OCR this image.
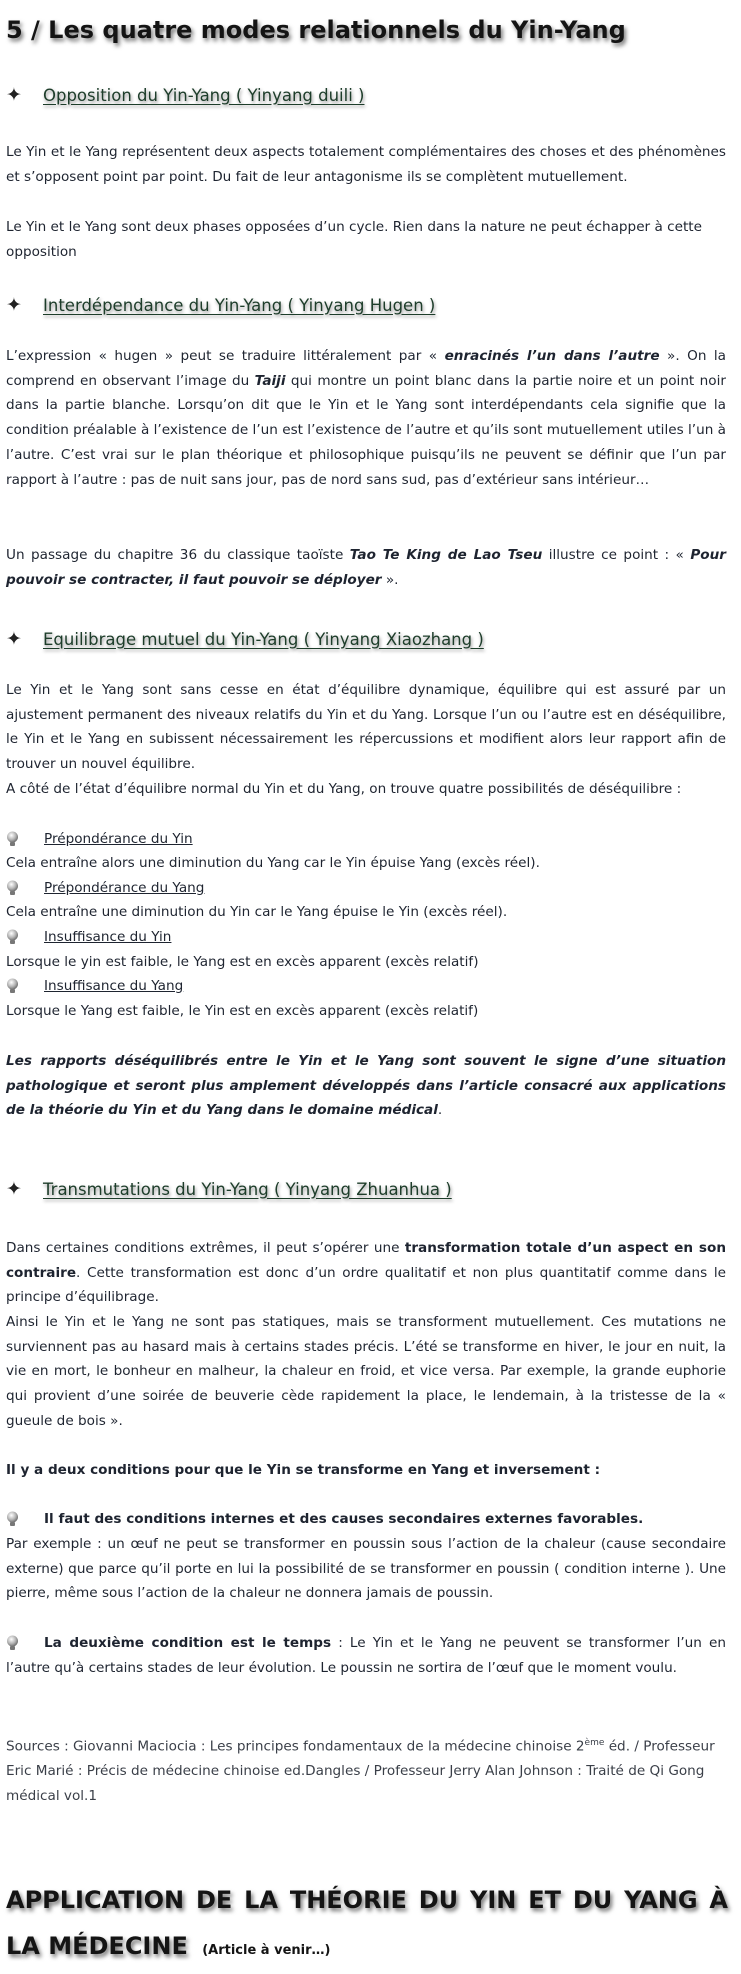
5 / Les quatre modes relationnels du Yin-Yang
✦	Opposition du Yin-Yang ( Yinyang duili )

Le Yin et le Yang représentent deux aspects totalement complémentaires des choses et des phénomènes et s’opposent point par point. Du fait de leur antagonisme ils se complètent mutuellement.

Le Yin et le Yang sont deux phases opposées d’un cycle. Rien dans la nature ne peut échapper à cette opposition

✦	Interdépendance du Yin-Yang ( Yinyang Hugen )

L’expression « hugen » peut se traduire littéralement par « enracinés l’un dans l’autre ». On la comprend en observant l’image du Taiji qui montre un point blanc dans la partie noire et un point noir dans la partie blanche. Lorsqu’on dit que le Yin et le Yang sont interdépendants cela signifie que la condition préalable à l’existence de l’un est l’existence de l’autre et qu’ils sont mutuellement utiles l’un à l’autre. C’est vrai sur le plan théorique et philosophique puisqu’ils ne peuvent se définir que l’un par rapport à l’autre : pas de nuit sans jour, pas de nord sans sud, pas d’extérieur sans intérieur…

Un passage du chapitre 36 du classique taoïste Tao Te King de Lao Tseu illustre ce point : « Pour pouvoir se contracter, il faut pouvoir se déployer ».

✦	Equilibrage mutuel du Yin-Yang ( Yinyang Xiaozhang )

Le Yin et le Yang sont sans cesse en état d’équilibre dynamique, équilibre qui est assuré par un ajustement permanent des niveaux relatifs du Yin et du Yang. Lorsque l’un ou l’autre est en déséquilibre, le Yin et le Yang en subissent nécessairement les répercussions et modifient alors leur rapport afin de trouver un nouvel équilibre.

A côté de l’état d’équilibre normal du Yin et du Yang, on trouve quatre possibilités de déséquilibre :

Prépondérance du Yin

Cela entraîne alors une diminution du Yang car le Yin épuise Yang (excès réel).

Prépondérance du Yang

Cela entraîne une diminution du Yin car le Yang épuise le Yin (excès réel).

Insuffisance du Yin

Lorsque le yin est faible, le Yang est en excès apparent (excès relatif)

Insuffisance du Yang

Lorsque le Yang est faible, le Yin est en excès apparent (excès relatif)

Les rapports déséquilibrés entre le Yin et le Yang sont souvent le signe d’une situation pathologique et seront plus amplement développés dans l’article consacré aux applications de la théorie du Yin et du Yang dans le domaine médical.

✦	Transmutations du Yin-Yang ( Yinyang Zhuanhua )

Dans certaines conditions extrêmes, il peut s’opérer une transformation totale d’un aspect en son contraire. Cette transformation est donc d’un ordre qualitatif et non plus quantitatif comme dans le principe d’équilibrage.

Ainsi le Yin et le Yang ne sont pas statiques, mais se transforment mutuellement. Ces mutations ne surviennent pas au hasard mais à certains stades précis. L’été se transforme en hiver, le jour en nuit, la vie en mort, le bonheur en malheur, la chaleur en froid, et vice versa. Par exemple, la grande euphorie qui provient d’une soirée de beuverie cède rapidement la place, le lendemain, à la tristesse de la « gueule de bois ».

Il y a deux conditions pour que le Yin se transforme en Yang et inversement :

Il faut des conditions internes et des causes secondaires externes favorables.

Par exemple : un œuf ne peut se transformer en poussin sous l’action de la chaleur (cause secondaire externe) que parce qu’il porte en lui la possibilité de se transformer en poussin ( condition interne ). Une pierre, même sous l’action de la chaleur ne donnera jamais de poussin.

La deuxième condition est le temps : Le Yin et le Yang ne peuvent se transformer l’un en l’autre qu’à certains stades de leur évolution. Le poussin ne sortira de l’œuf que le moment voulu.

Sources : Giovanni Maciocia : Les principes fondamentaux de la médecine chinoise 2ème éd. / Professeur Eric Marié : Précis de médecine chinoise ed.Dangles / Professeur Jerry Alan Johnson : Traité de Qi Gong médical vol.1

APPLICATION DE LA THÉORIE DU YIN ET DU YANG À LA MÉDECINE (Article à venir…)
